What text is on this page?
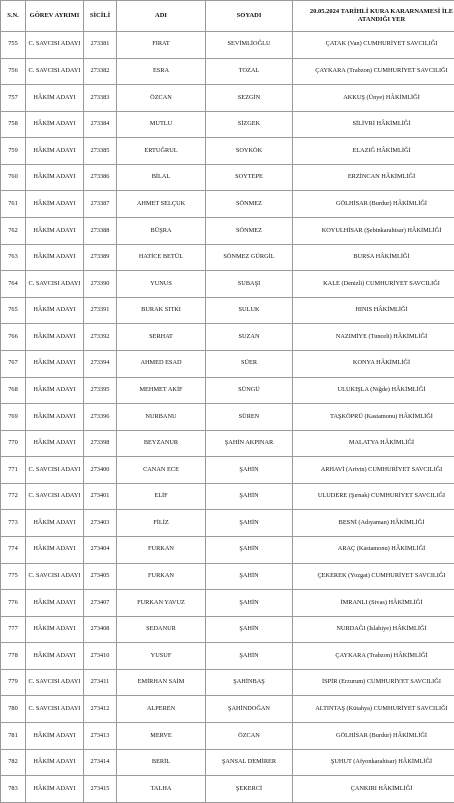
S.N.	GÖREV AYRIMI	SİCİLİ	ADI	SOYADI	20.05.2024 TARİHLİ KURA KARARNAMESİ İLE ATANDIĞI YER
755	C. SAVCISI ADAYI	273381	FIRAT	SEVİMLİOĞLU	ÇATAK (Van) CUMHURİYET SAVCILIĞI
756	C. SAVCISI ADAYI	273382	ESRA	TOZAL	ÇAYKARA (Trabzon) CUMHURİYET SAVCILIĞI
757	HÂKİM ADAYI	273383	ÖZCAN	SEZGİN	AKKUŞ (Ünye) HÂKİMLİĞİ
758	HÂKİM ADAYI	273384	MUTLU	SİZGEK	SİLİVRİ HÂKİMLİĞİ
759	HÂKİM ADAYI	273385	ERTUĞRUL	SOYKÖK	ELAZIĞ HÂKİMLİĞİ
760	HÂKİM ADAYI	273386	BİLAL	SOYTEPE	ERZİNCAN HÂKİMLİĞİ
761	HÂKİM ADAYI	273387	AHMET SELÇUK	SÖNMEZ	GÖLHİSAR (Burdur) HÂKİMLİĞİ
762	HÂKİM ADAYI	273388	BÜŞRA	SÖNMEZ	KOYULHİSAR (Şebinkarahisar) HÂKİMLİĞİ
763	HÂKİM ADAYI	273389	HATİCE BETÜL	SÖNMEZ GÜRGİL	BURSA HÂKİMLİĞİ
764	C. SAVCISI ADAYI	273390	YUNUS	SUBAŞI	KALE (Denizli) CUMHURİYET SAVCILIĞI
765	HÂKİM ADAYI	273391	BURAK SITKI	SULUK	HINIS HÂKİMLİĞİ
766	HÂKİM ADAYI	273392	SERHAT	SUZAN	NAZIMİYE (Tunceli) HÂKİMLİĞİ
767	HÂKİM ADAYI	273394	AHMED ESAD	SÜER	KONYA HÂKİMLİĞİ
768	HÂKİM ADAYI	273395	MEHMET AKİF	SÜNGÜ	ULUKIŞLA (Niğde) HÂKİMLİĞİ
769	HÂKİM ADAYI	273396	NURBANU	SÜREN	TAŞKÖPRÜ (Kastamonu) HÂKİMLİĞİ
770	HÂKİM ADAYI	273398	BEYZANUR	ŞAHİN AKPINAR	MALATYA HÂKİMLİĞİ
771	C. SAVCISI ADAYI	273400	CANAN ECE	ŞAHİN	ARHAVİ (Artvin) CUMHURİYET SAVCILIĞI
772	C. SAVCISI ADAYI	273401	ELİF	ŞAHİN	ULUDERE (Şırnak) CUMHURİYET SAVCILIĞI
773	HÂKİM ADAYI	273403	FİLİZ	ŞAHİN	BESNİ (Adıyaman) HÂKİMLİĞİ
774	HÂKİM ADAYI	273404	FURKAN	ŞAHİN	ARAÇ (Kastamonu) HÂKİMLİĞİ
775	C. SAVCISI ADAYI	273405	FURKAN	ŞAHİN	ÇEKEREK (Yozgat) CUMHURİYET SAVCILIĞI
776	HÂKİM ADAYI	273407	FURKAN YAVUZ	ŞAHİN	İMRANLI (Sivas) HÂKİMLİĞİ
777	HÂKİM ADAYI	273408	SEDANUR	ŞAHİN	NURDAĞI (İslahiye) HÂKİMLİĞİ
778	HÂKİM ADAYI	273410	YUSUF	ŞAHİN	ÇAYKARA (Trabzon) HÂKİMLİĞİ
779	C. SAVCISI ADAYI	273411	EMİRHAN SAİM	ŞAHİNBAŞ	İSPİR (Erzurum) CUMHURİYET SAVCILIĞI
780	C. SAVCISI ADAYI	273412	ALPEREN	ŞAHİNDOĞAN	ALTINTAŞ (Kütahya) CUMHURİYET SAVCILIĞI
781	HÂKİM ADAYI	273413	MERVE	ÖZCAN	GÖLHİSAR (Burdur) HÂKİMLİĞİ
782	HÂKİM ADAYI	273414	BERİL	ŞANSAL DEMİRER	ŞUHUT (Afyonkarahisar) HÂKİMLİĞİ
783	HÂKİM ADAYI	273415	TALHA	ŞEKERCİ	ÇANKIRI HÂKİMLİĞİ
